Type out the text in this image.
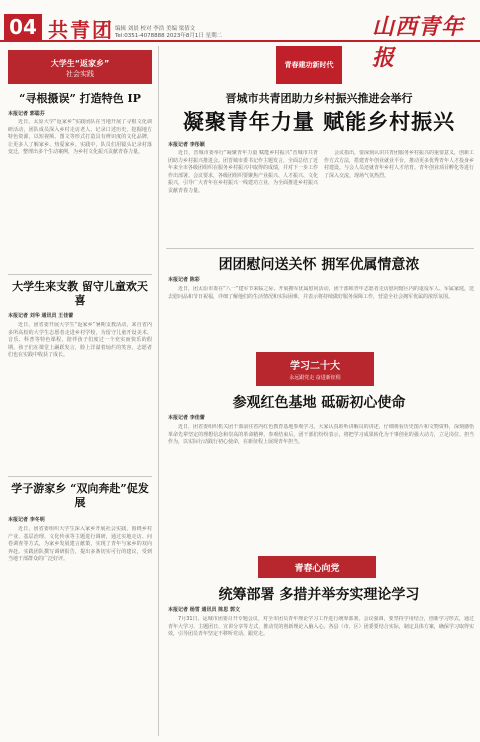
04 共青团 编辑 刘晨 校对 李浩 美编 梁倩文
Tel:0351-4078888 2023年8月1日 星期二	山西青年报
大学生“返家乡”
社会实践
“寻根摄误” 打造特色 IP
本报记者 郭聪芬

近日，太原大学“返家乡”实践团队在当地开展了寻根文化调研活动，团队成员深入乡村走访老人、记录口述历史，挖掘地方特色资源，以短视频、图文等形式打造具有辨识度的文化品牌，让更多人了解家乡、热爱家乡。实践中，队员们用镜头记录村落变迁，整理出多个生动案例，为乡村文化振兴贡献青春力量。

大学生来支教 留守儿童欢天喜
本报记者 刘华 通讯员 王佳蕾

近日，团省委开展大学生“返家乡”暑期支教活动，来自省内多所高校的大学生志愿者走进乡村学校，为留守儿童开设美术、音乐、科普等特色课程，陪伴孩子们度过一个充实而快乐的假期。孩子们在课堂上踊跃发言，脸上洋溢着灿烂的笑容，志愿者们也在实践中收获了成长。

学子游家乡 “双向奔赴”促发展
本报记者 李冬明

近日，团省委组织大学生深入家乡开展社会实践，围绕乡村产业、基层治理、文化传承等主题进行调研，通过实地走访、问卷调查等方式，为家乡发展建言献策，实现了青年与家乡的双向奔赴。实践团队撰写调研报告，提出多条切实可行的建议，受到当地干部群众的广泛好评。

青春建功新时代
晋城市共青团助力乡村振兴推进会举行
凝聚青年力量 赋能乡村振兴
本报记者 李彤颖

近日，晋城市委举行“凝聚青年力量 赋能乡村振兴”晋城市共青团助力乡村振兴推进会。团晋城市委书记作主题发言，全面总结了近年来全市各级团组织在服务乡村振兴中取得的成绩，并对下一步工作作出部署。会议要求，各级团组织要聚焦产业振兴、人才振兴、文化振兴，引导广大青年在乡村振兴一线建功立业，为全面推进乡村振兴贡献青春力量。

会议指出，要深刻认识共青团服务乡村振兴的重要意义，创新工作方式方法，搭建青年创业就业平台，推动更多优秀青年人才投身乡村建设。与会人员还就青年乡村人才培育、青年创业项目孵化等进行了深入交流，现场气氛热烈。

团团慰问送关怀 拥军优属情意浓
本报记者 陈彩

近日，团太原市委在“八一”建军节来临之际，开展拥军优属慰问活动，团干部和青年志愿者走访慰问辖区内的退役军人、军属家庭，送去慰问品和节日祝福，详细了解他们的生活情况和实际困难，并表示将持续做好服务保障工作，营造全社会拥军优属的浓厚氛围。

学习二十大
永远跟党走 奋进新征程
参观红色基地 砥砺初心使命
本报记者 李佳蕾

近日，团省委组织机关团干部前往省内红色教育基地参观学习。大家认真聆听讲解员的讲述，仔细观看历史图片和文物资料，深刻感悟革命先辈坚定的理想信念和崇高的革命精神。参观结束后，团干部们纷纷表示，将把学习成果转化为干事创业的强大动力，立足岗位、担当作为，以实际行动践行初心使命，在新征程上展现青年担当。

青春心向党
统筹部署 多措并举夯实理论学习
本报记者 杨雪 通讯员 陈思 郭文

7月31日，运城市团委召开专题会议，对全市团员青年理论学习工作进行统筹部署。会议强调，要坚持学用结合，创新学习形式，通过青年大学习、主题团日、宣讲分享等方式，推动党的创新理论入脑入心。各县（市、区）团委要结合实际，制定具体方案，确保学习取得实效，引导团员青年坚定不移听党话、跟党走。
